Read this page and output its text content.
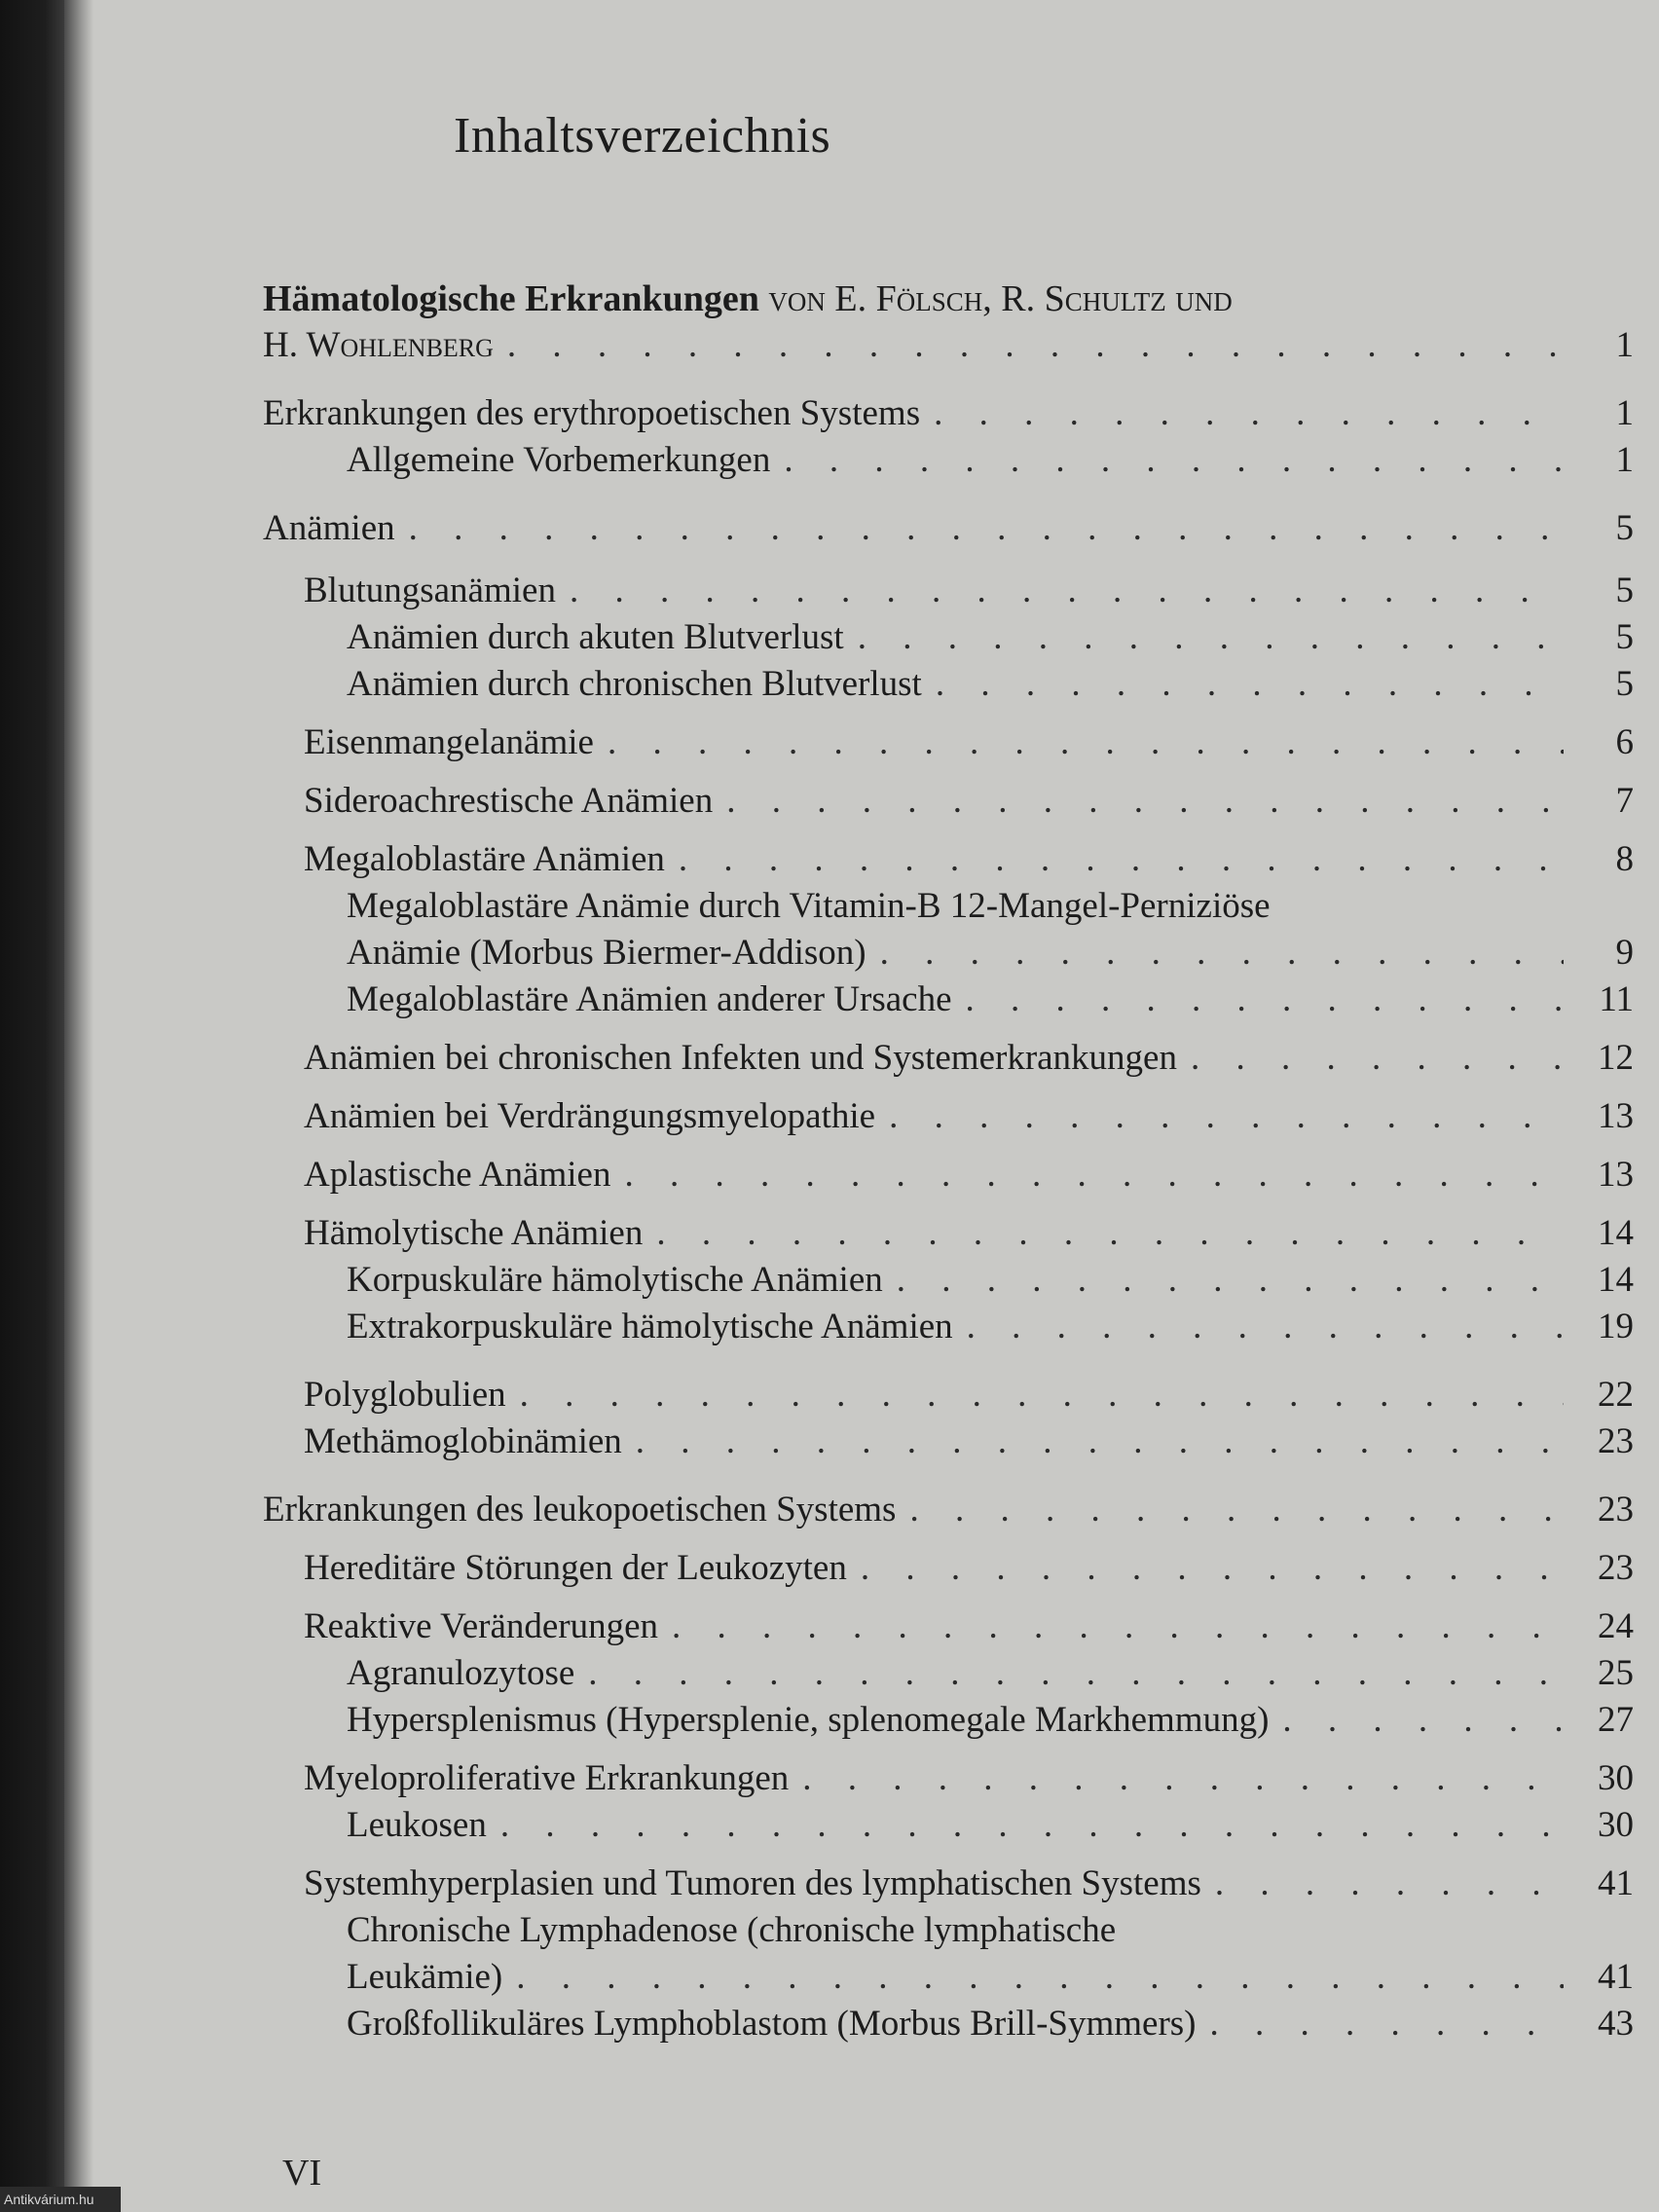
Inhaltsverzeichnis
Hämatologische Erkrankungen von E. Fölsch, R. Schultz und
H. Wohlenberg . . .	1
Erkrankungen des erythropoetischen Systems . . .	1
Allgemeine Vorbemerkungen . . .	1
Anämien . . .	5
Blutungsanämien . . .	5
Anämien durch akuten Blutverlust . . .	5
Anämien durch chronischen Blutverlust . . .	5
Eisenmangelanämie . . .	6
Sideroachrestische Anämien . . .	7
Megaloblastäre Anämien . . .	8
Megaloblastäre Anämie durch Vitamin-B 12-Mangel-Perniziöse
Anämie (Morbus Biermer-Addison) . . .	9
Megaloblastäre Anämien anderer Ursache . . .	11
Anämien bei chronischen Infekten und Systemerkrankungen . . .	12
Anämien bei Verdrängungsmyelopathie . . .	13
Aplastische Anämien . . .	13
Hämolytische Anämien . . .	14
Korpuskuläre hämolytische Anämien . . .	14
Extrakorpuskuläre hämolytische Anämien . . .	19
Polyglobulien . . .	22
Methämoglobinämien . . .	23
Erkrankungen des leukopoetischen Systems . . .	23
Hereditäre Störungen der Leukozyten . . .	23
Reaktive Veränderungen . . .	24
Agranulozytose . . .	25
Hypersplenismus (Hypersplenie, splenomegale Markhemmung) . . .	27
Myeloproliferative Erkrankungen . . .	30
Leukosen . . .	30
Systemhyperplasien und Tumoren des lymphatischen Systems . . .	41
Chronische Lymphadenose (chronische lymphatische
Leukämie) . . .	41
Großfollikuläres Lymphoblastom (Morbus Brill-Symmers) . . .	43
VI
Antikvárium.hu
